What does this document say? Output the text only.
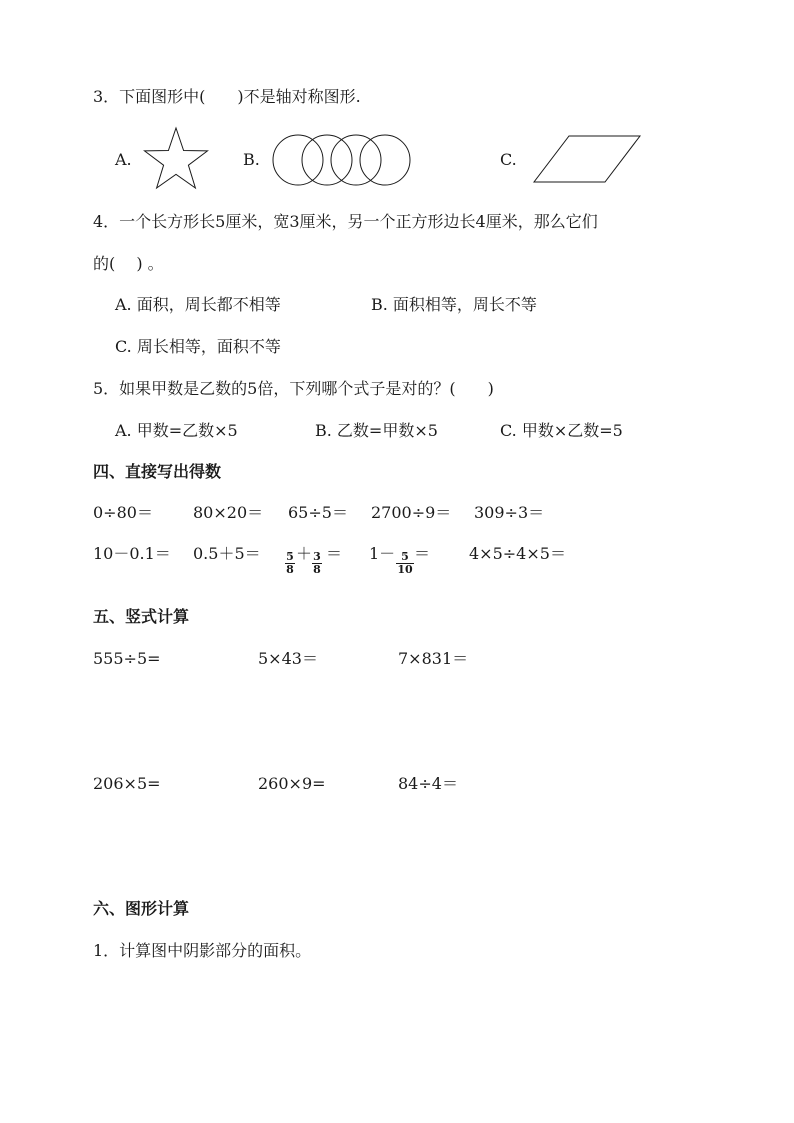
3．下面图形中(　　)不是轴对称图形.
A.	B.	C.
4．一个长方形长5厘米，宽3厘米，另一个正方形边长4厘米，那么它们
的(　 ) 。
A. 面积，周长都不相等	B. 面积相等，周长不等
C. 周长相等，面积不等
5．如果甲数是乙数的5倍，下列哪个式子是对的？(　　)
A. 甲数=乙数×5	B. 乙数=甲数×5	C. 甲数×乙数=5
四、直接写出得数
0÷80＝	80×20＝ 65÷5＝ 2700÷9＝ 309÷3＝
10－0.1＝ 0.5＋5＝ 5
8
＋ 3
8
＝ 1－ 5
10
＝ 4×5÷4×5＝
五、竖式计算
555÷5=	5×43＝	7×831＝
206×5=	260×9=	84÷4＝
六、图形计算
1．计算图中阴影部分的面积。
